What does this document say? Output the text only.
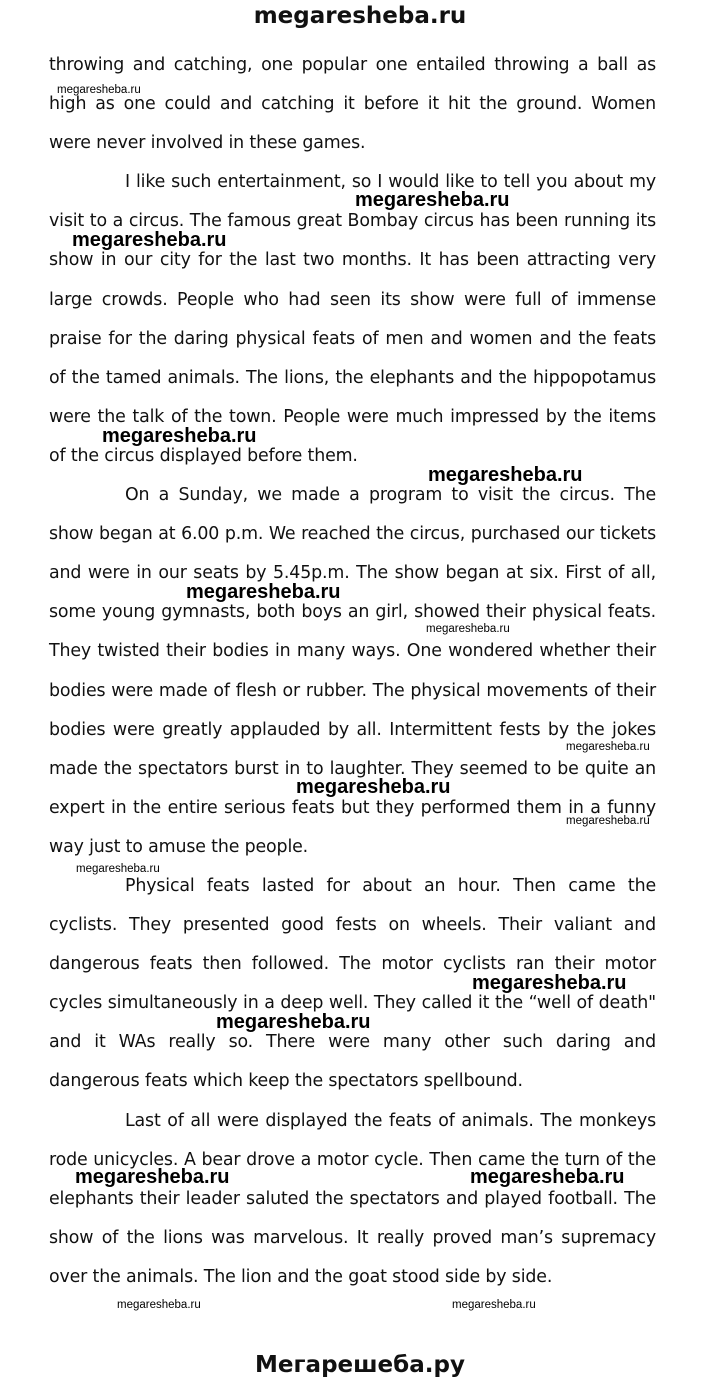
megaresheba.ru

throwing and catching, one popular one entailed throwing a ball as high as one could and catching it before it hit the ground. Women were never involved in these games.

I like such entertainment, so I would like to tell you about my visit to a circus. The famous great Bombay circus has been running its show in our city for the last two months. It has been attracting very large crowds. People who had seen its show were full of immense praise for the daring physical feats of men and women and the feats of the tamed animals. The lions, the elephants and the hippopotamus were the talk of the town. People were much impressed by the items of the circus displayed before them.

On a Sunday, we made a program to visit the circus. The show began at 6.00 p.m. We reached the circus, purchased our tickets and were in our seats by 5.45p.m. The show began at six. First of all, some young gymnasts, both boys an girl, showed their physical feats. They twisted their bodies in many ways. One wondered whether their bodies were made of flesh or rubber. The physical movements of their bodies were greatly applauded by all. Intermittent fests by the jokes made the spectators burst in to laughter. They seemed to be quite an expert in the entire serious feats but they performed them in a funny way just to amuse the people.

Physical feats lasted for about an hour. Then came the cyclists. They presented good fests on wheels. Their valiant and dangerous feats then followed. The motor cyclists ran their motor cycles simultaneously in a deep well. They called it the “well of death" and it WAs really so. There were many other such daring and dangerous feats which keep the spectators spellbound.

Last of all were displayed the feats of animals. The monkeys rode unicycles. A bear drove a motor cycle. Then came the turn of the elephants their leader saluted the spectators and played football. The show of the lions was marvelous. It really proved man’s supremacy over the animals. The lion and the goat stood side by side.

megaresheba.ru
megaresheba.ru
megaresheba.ru
megaresheba.ru
megaresheba.ru
megaresheba.ru
megaresheba.ru
megaresheba.ru
megaresheba.ru
megaresheba.ru
megaresheba.ru
megaresheba.ru
megaresheba.ru
megaresheba.ru	megaresheba.ru
megaresheba.ru	megaresheba.ru
Мегарешеба.ру
